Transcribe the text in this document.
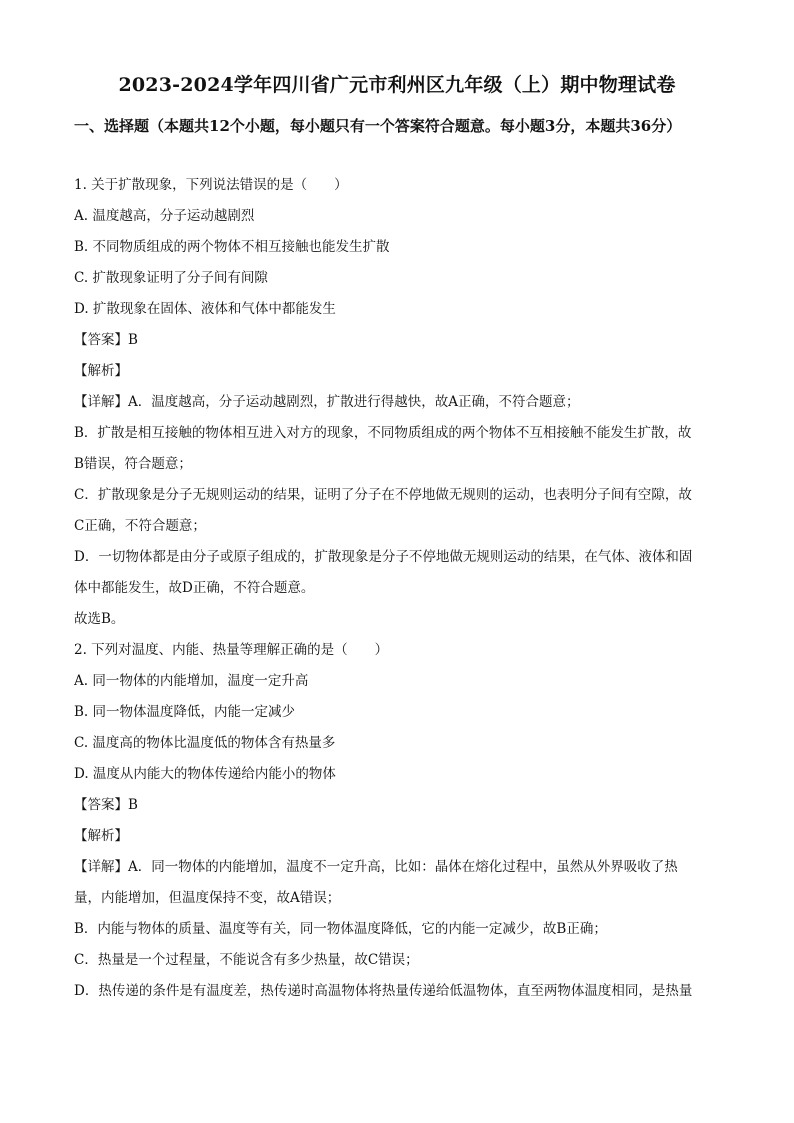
2023-2024学年四川省广元市利州区九年级（上）期中物理试卷
一、选择题（本题共12个小题，每小题只有一个答案符合题意。每小题3分，本题共36分）
1. 关于扩散现象，下列说法错误的是（　　）
A. 温度越高，分子运动越剧烈
B. 不同物质组成的两个物体不相互接触也能发生扩散
C. 扩散现象证明了分子间有间隙
D. 扩散现象在固体、液体和气体中都能发生
【答案】B
【解析】
【详解】A．温度越高，分子运动越剧烈，扩散进行得越快，故A正确，不符合题意；
B．扩散是相互接触的物体相互进入对方的现象，不同物质组成的两个物体不互相接触不能发生扩散，故
B错误，符合题意；
C．扩散现象是分子无规则运动的结果，证明了分子在不停地做无规则的运动，也表明分子间有空隙，故
C正确，不符合题意；
D．一切物体都是由分子或原子组成的，扩散现象是分子不停地做无规则运动的结果，在气体、液体和固
体中都能发生，故D正确，不符合题意。
故选B。
2. 下列对温度、内能、热量等理解正确的是（　　）
A. 同一物体的内能增加，温度一定升高
B. 同一物体温度降低，内能一定减少
C. 温度高的物体比温度低的物体含有热量多
D. 温度从内能大的物体传递给内能小的物体
【答案】B
【解析】
【详解】A．同一物体的内能增加，温度不一定升高，比如：晶体在熔化过程中，虽然从外界吸收了热
量，内能增加，但温度保持不变，故A错误；
B．内能与物体的质量、温度等有关，同一物体温度降低，它的内能一定减少，故B正确；
C．热量是一个过程量，不能说含有多少热量，故C错误；
D．热传递的条件是有温度差，热传递时高温物体将热量传递给低温物体，直至两物体温度相同，是热量
